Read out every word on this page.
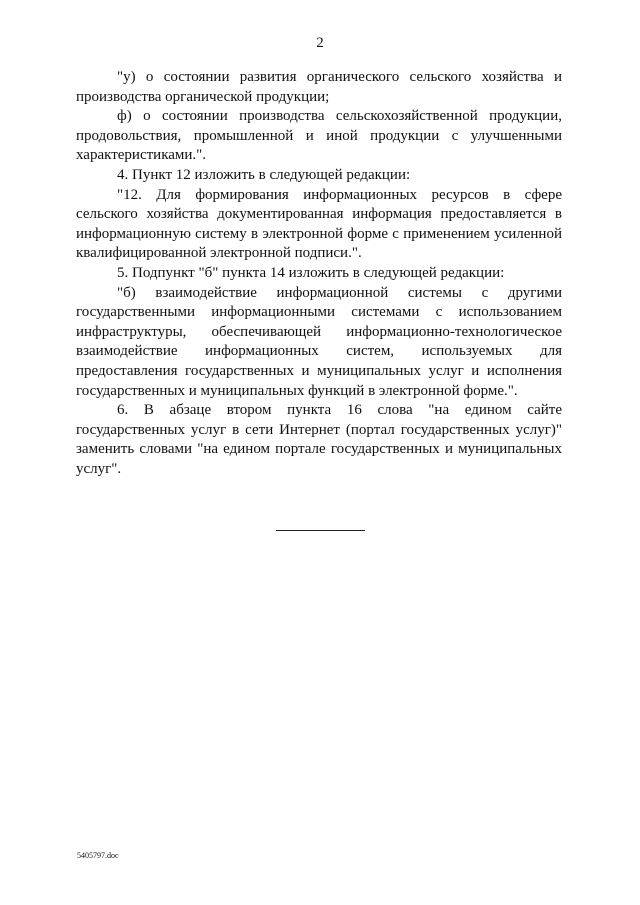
2

"у) о состоянии развития органического сельского хозяйства и производства органической продукции;

ф) о состоянии производства сельскохозяйственной продукции, продовольствия, промышленной и иной продукции с улучшенными характеристиками.".

4. Пункт 12 изложить в следующей редакции:

"12. Для формирования информационных ресурсов в сфере сельского хозяйства документированная информация предоставляется в информационную систему в электронной форме с применением усиленной квалифицированной электронной подписи.".

5. Подпункт "б" пункта 14 изложить в следующей редакции:

"б) взаимодействие информационной системы с другими государственными информационными системами с использованием инфраструктуры, обеспечивающей информационно-технологическое взаимодействие информационных систем, используемых для предоставления государственных и муниципальных услуг и исполнения государственных и муниципальных функций в электронной форме.".

6. В абзаце втором пункта 16 слова "на едином сайте государственных услуг в сети Интернет (портал государственных услуг)" заменить словами "на едином портале государственных и муниципальных услуг".

5405797.doc
